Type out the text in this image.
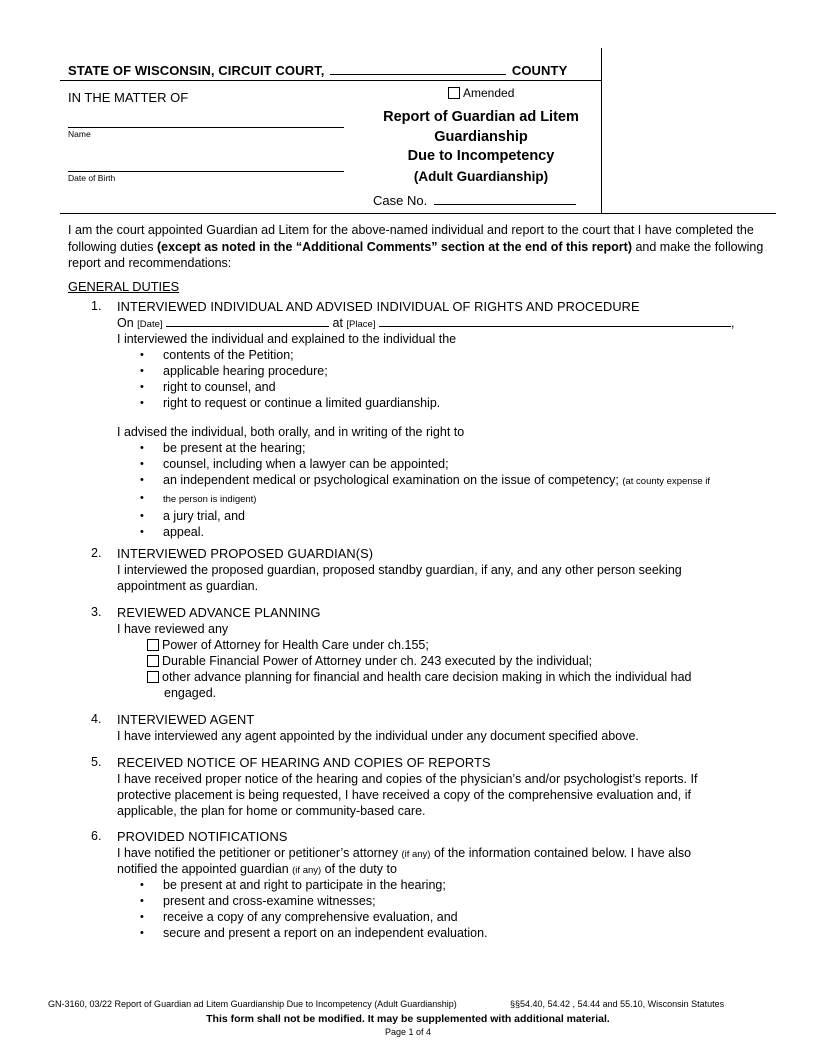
STATE OF WISCONSIN, CIRCUIT COURT,	COUNTY
IN THE MATTER OF
Name
Date of Birth
Amended
Report of Guardian ad Litem
Guardianship
Due to Incompetency
(Adult Guardianship)
Case No.
I am the court appointed Guardian ad Litem for the above-named individual and report to the court that I have completed the following duties (except as noted in the “Additional Comments” section at the end of this report) and make the following report and recommendations:
GENERAL DUTIES
1. INTERVIEWED INDIVIDUAL AND ADVISED INDIVIDUAL OF RIGHTS AND PROCEDURE
On [Date]	at [Place]	,
I interviewed the individual and explained to the individual the
• contents of the Petition;
• applicable hearing procedure;
• right to counsel, and
• right to request or continue a limited guardianship.
I advised the individual, both orally, and in writing of the right to
• be present at the hearing;
• counsel, including when a lawyer can be appointed;
• an independent medical or psychological examination on the issue of competency; (at county expense if
• the person is indigent)
• a jury trial, and
• appeal.
2. INTERVIEWED PROPOSED GUARDIAN(S)
I interviewed the proposed guardian, proposed standby guardian, if any, and any other person seeking
appointment as guardian.
3. REVIEWED ADVANCE PLANNING
I have reviewed any
Power of Attorney for Health Care under ch.155;
Durable Financial Power of Attorney under ch. 243 executed by the individual;
other advance planning for financial and health care decision making in which the individual had
engaged.
4. INTERVIEWED AGENT
I have interviewed any agent appointed by the individual under any document specified above.
5. RECEIVED NOTICE OF HEARING AND COPIES OF REPORTS
I have received proper notice of the hearing and copies of the physician’s and/or psychologist’s reports. If
protective placement is being requested, I have received a copy of the comprehensive evaluation and, if
applicable, the plan for home or community-based care.
6. PROVIDED NOTIFICATIONS
I have notified the petitioner or petitioner’s attorney (if any) of the information contained below. I have also
notified the appointed guardian (if any) of the duty to
• be present at and right to participate in the hearing;
• present and cross-examine witnesses;
• receive a copy of any comprehensive evaluation, and
• secure and present a report on an independent evaluation.
GN-3160, 03/22 Report of Guardian ad Litem Guardianship Due to Incompetency (Adult Guardianship)	§§54.40, 54.42 , 54.44 and 55.10, Wisconsin Statutes
This form shall not be modified. It may be supplemented with additional material.
Page 1 of 4
